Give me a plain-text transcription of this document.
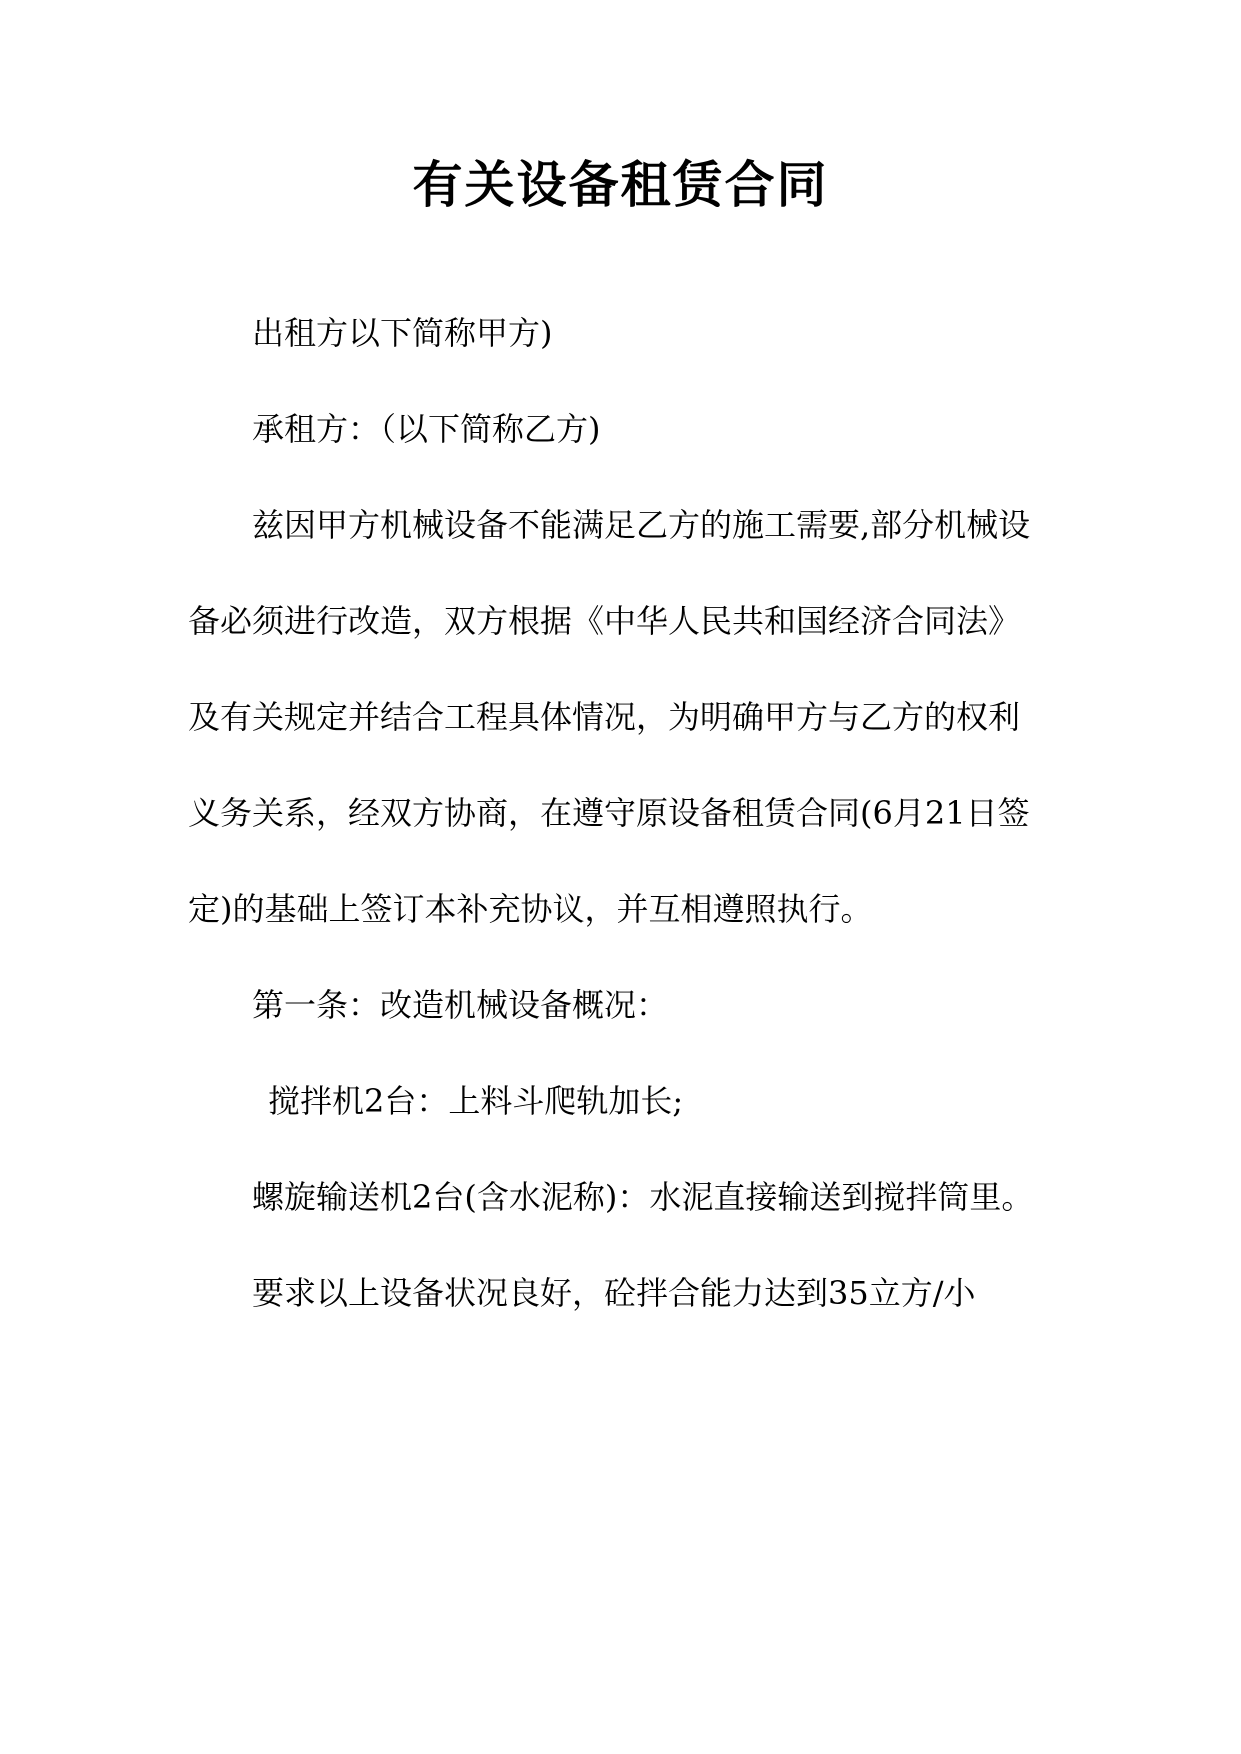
有关设备租赁合同

出租方以下简称甲方)

承租方：（以下简称乙方)

兹因甲方机械设备不能满足乙方的施工需要,部分机械设备必须进行改造，双方根据《中华人民共和国经济合同法》及有关规定并结合工程具体情况，为明确甲方与乙方的权利义务关系，经双方协商，在遵守原设备租赁合同(6月21日签定)的基础上签订本补充协议，并互相遵照执行。

第一条：改造机械设备概况：

搅拌机2台：上料斗爬轨加长;

螺旋输送机2台(含水泥称)：水泥直接输送到搅拌筒里。

要求以上设备状况良好，砼拌合能力达到35立方/小
